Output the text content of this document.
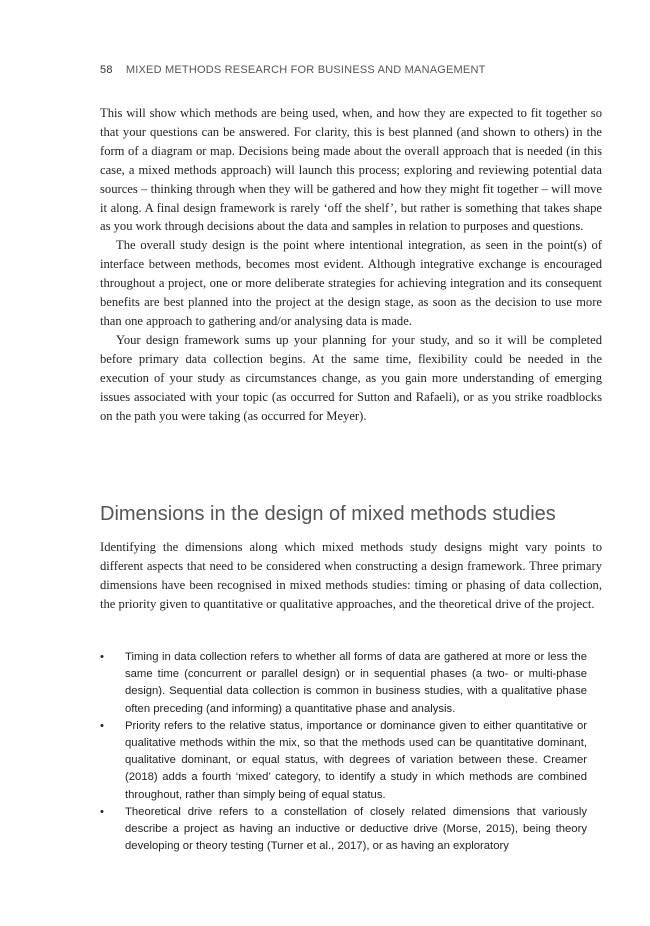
58 MIXED METHODS RESEARCH FOR BUSINESS AND MANAGEMENT

This will show which methods are being used, when, and how they are expected to fit together so that your questions can be answered. For clarity, this is best planned (and shown to others) in the form of a diagram or map. Decisions being made about the overall approach that is needed (in this case, a mixed methods approach) will launch this process; exploring and reviewing potential data sources – thinking through when they will be gathered and how they might fit together – will move it along. A final design framework is rarely ‘off the shelf’, but rather is something that takes shape as you work through decisions about the data and samples in relation to purposes and questions.

The overall study design is the point where intentional integration, as seen in the point(s) of interface between methods, becomes most evident. Although integrative exchange is encouraged throughout a project, one or more deliberate strategies for achieving integration and its consequent benefits are best planned into the project at the design stage, as soon as the decision to use more than one approach to gathering and/or analysing data is made.

Your design framework sums up your planning for your study, and so it will be completed before primary data collection begins. At the same time, flexibility could be needed in the execution of your study as circumstances change, as you gain more understanding of emerging issues associated with your topic (as occurred for Sutton and Rafaeli), or as you strike roadblocks on the path you were taking (as occurred for Meyer).

Dimensions in the design of mixed methods studies

Identifying the dimensions along which mixed methods study designs might vary points to different aspects that need to be considered when constructing a design framework. Three primary dimensions have been recognised in mixed methods studies: timing or phasing of data collection, the priority given to quantitative or qualitative approaches, and the theoretical drive of the project.

• Timing in data collection refers to whether all forms of data are gathered at more or less the same time (concurrent or parallel design) or in sequential phases (a two- or multi-phase design). Sequential data collection is common in business studies, with a qualitative phase often preceding (and informing) a quantitative phase and analysis.
• Priority refers to the relative status, importance or dominance given to either quantitative or qualitative methods within the mix, so that the methods used can be quantitative dominant, qualitative dominant, or equal status, with degrees of variation between these. Creamer (2018) adds a fourth ‘mixed’ category, to identify a study in which methods are combined throughout, rather than simply being of equal status.
• Theoretical drive refers to a constellation of closely related dimensions that variously describe a project as having an inductive or deductive drive (Morse, 2015), being theory developing or theory testing (Turner et al., 2017), or as having an exploratory
